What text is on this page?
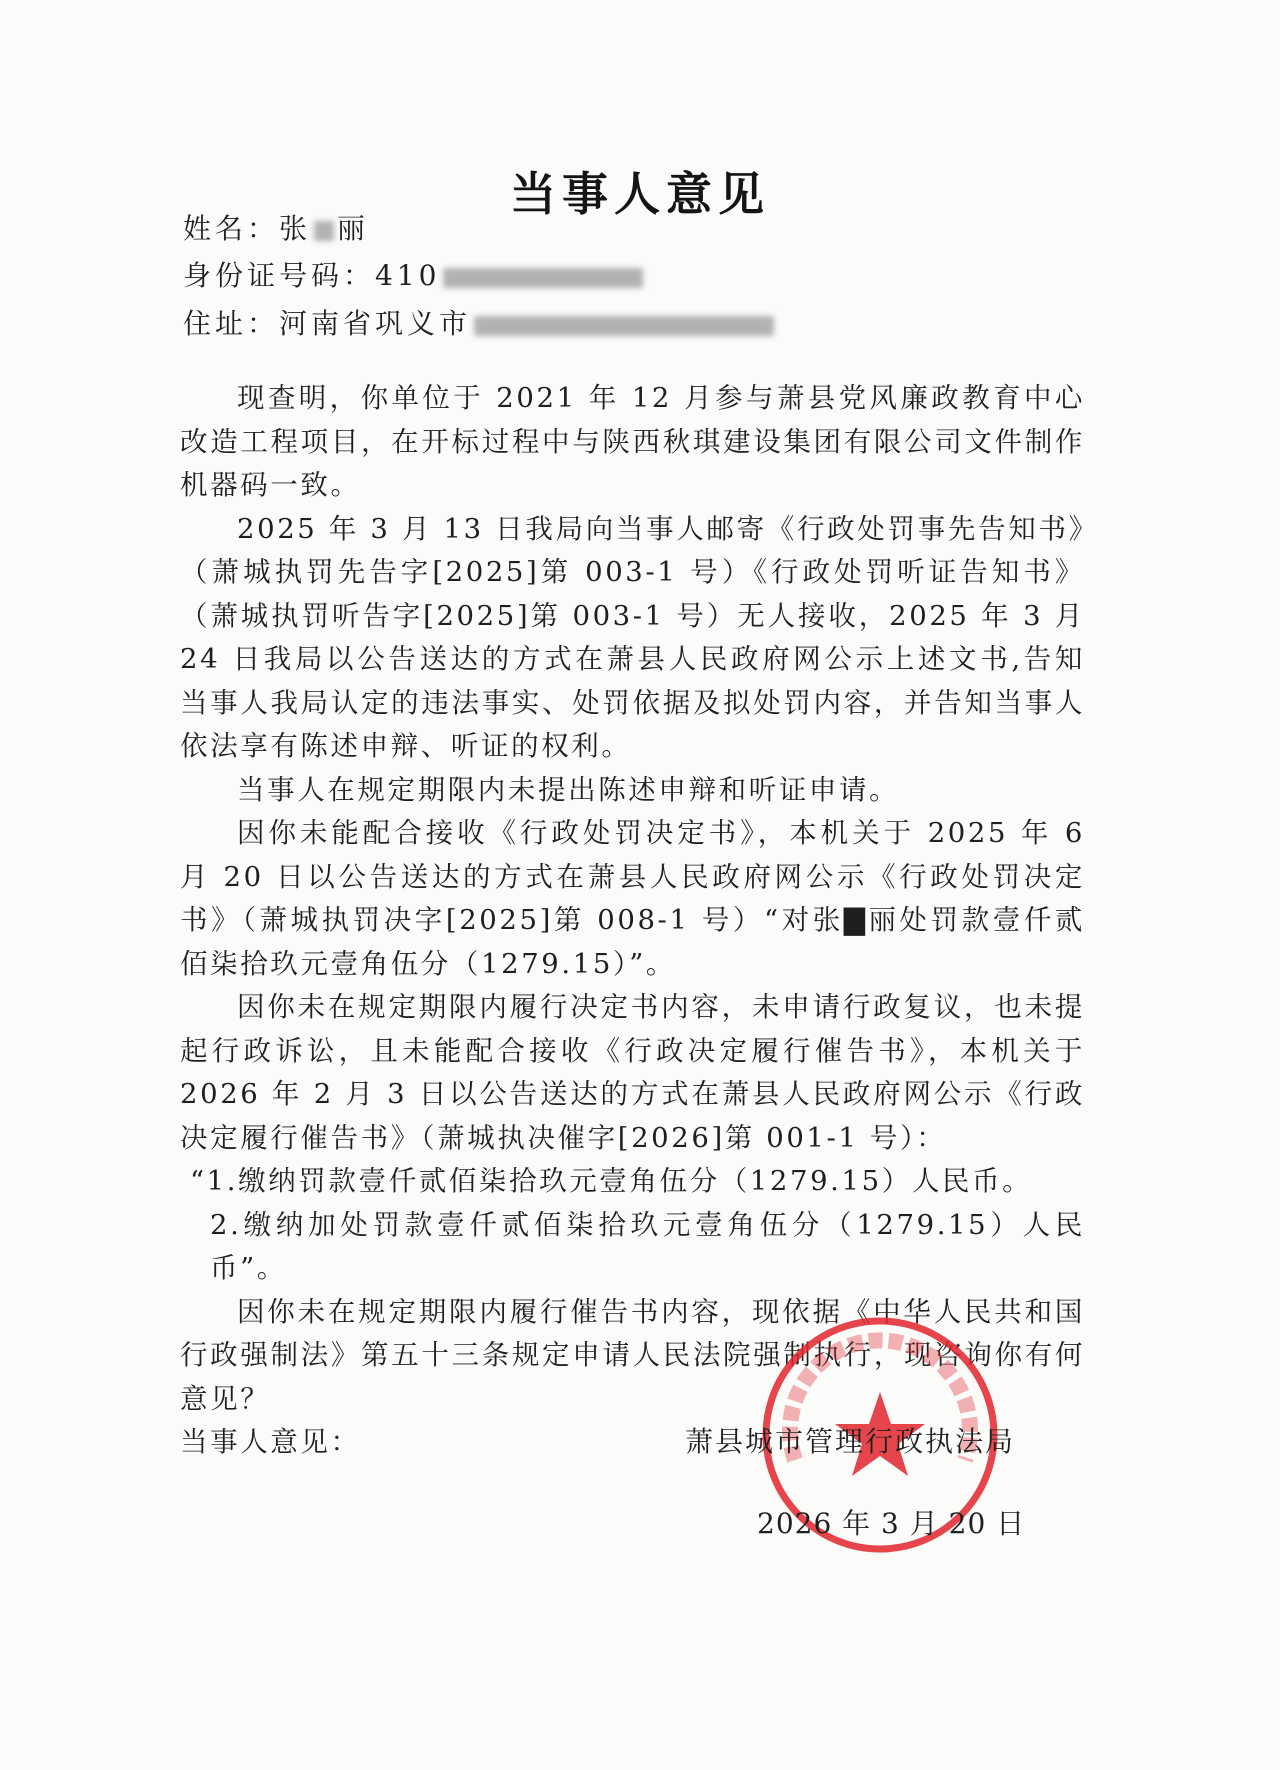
当事人意见
姓名：张 丽
身份证号码：410
住址：河南省巩义市

现查明，你单位于 2021 年 12 月参与萧县党风廉政教育中心改造工程项目，在开标过程中与陕西秋琪建设集团有限公司文件制作机器码一致。

2025 年 3 月 13 日我局向当事人邮寄《行政处罚事先告知书》（萧城执罚先告字[2025]第 003-1 号）《行政处罚听证告知书》（萧城执罚听告字[2025]第 003-1 号）无人接收，2025 年 3 月 24 日我局以公告送达的方式在萧县人民政府网公示上述文书,告知当事人我局认定的违法事实、处罚依据及拟处罚内容，并告知当事人依法享有陈述申辩、听证的权利。

当事人在规定期限内未提出陈述申辩和听证申请。

因你未能配合接收《行政处罚决定书》，本机关于 2025 年 6 月 20 日以公告送达的方式在萧县人民政府网公示《行政处罚决定书》（萧城执罚决字[2025]第 008-1 号）“对张▇丽处罚款壹仟贰佰柒拾玖元壹角伍分（1279.15）”。

因你未在规定期限内履行决定书内容，未申请行政复议，也未提起行政诉讼，且未能配合接收《行政决定履行催告书》，本机关于 2026 年 2 月 3 日以公告送达的方式在萧县人民政府网公示《行政决定履行催告书》（萧城执决催字[2026]第 001-1 号）：

“1.缴纳罚款壹仟贰佰柒拾玖元壹角伍分（1279.15）人民币。

2.缴纳加处罚款壹仟贰佰柒拾玖元壹角伍分（1279.15）人民币”。

因你未在规定期限内履行催告书内容，现依据《中华人民共和国行政强制法》第五十三条规定申请人民法院强制执行，现咨询你有何意见？

当事人意见：	萧县城市管理行政执法局
2026 年 3 月 20 日
